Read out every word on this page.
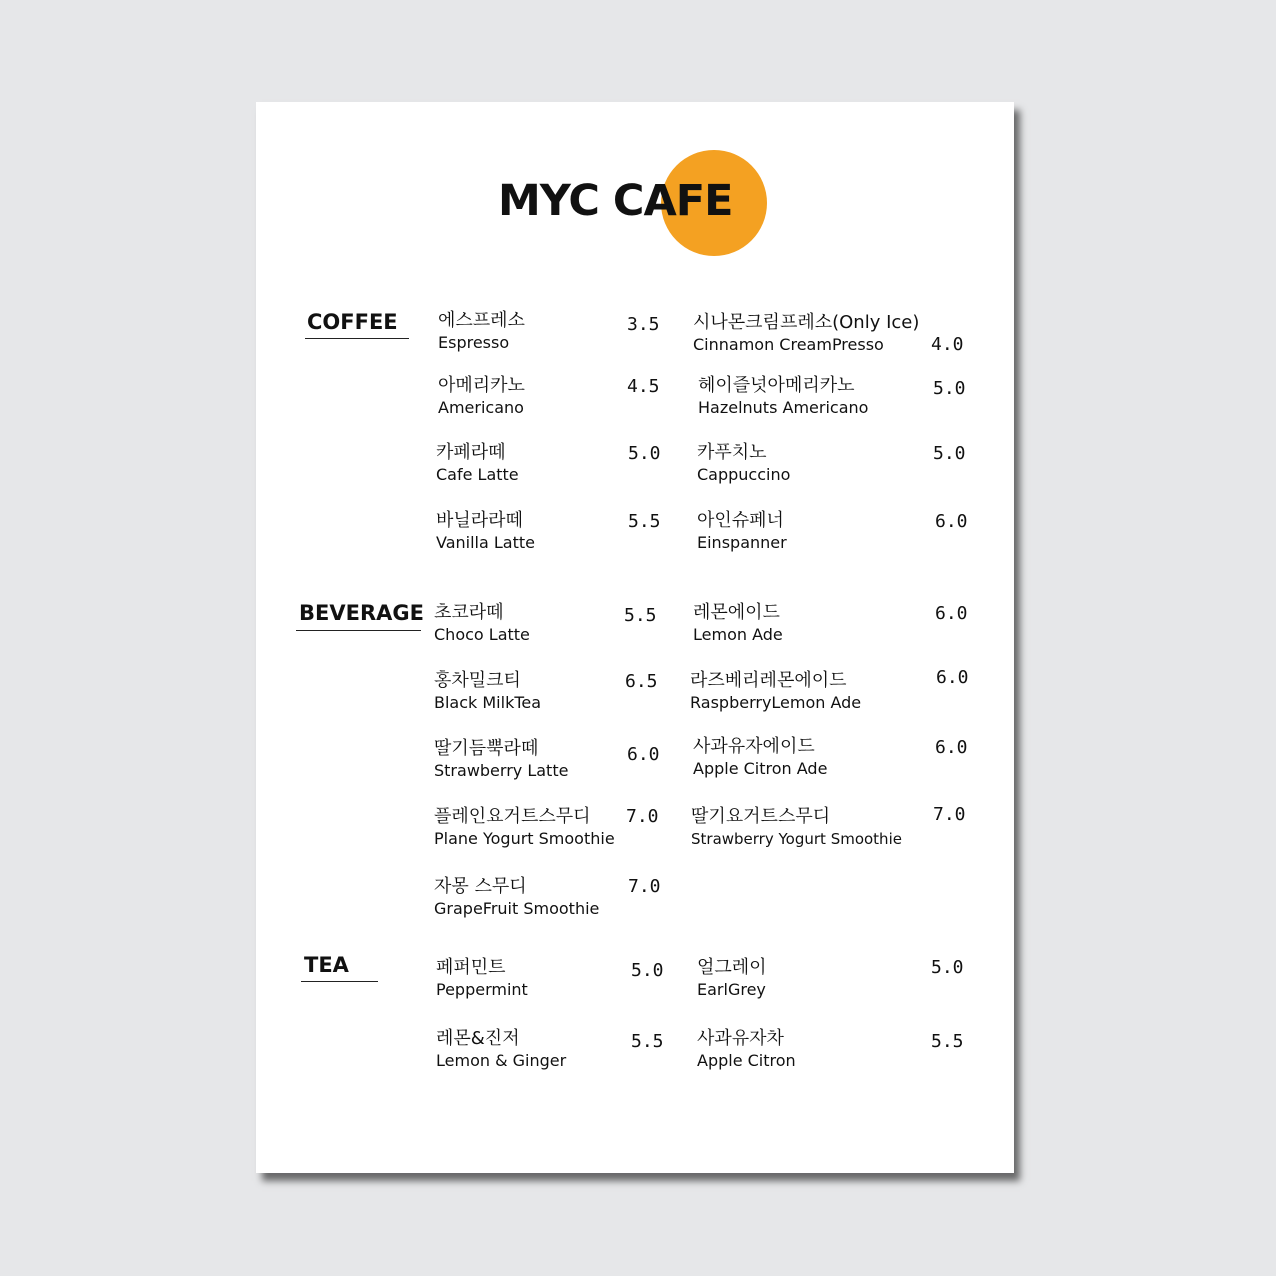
MYC CAFE
COFFEE
BEVERAGE
TEA
에스프레소
Espresso
3.5 시나몬크림프레소(Only Ice)
Cinnamon CreamPresso	4.0
아메리카노
Americano
4.5 헤이즐넛아메리카노
Hazelnuts Americano
5.0
카페라떼
Cafe Latte
5.0 카푸치노
Cappuccino
5.0
바닐라라떼
Vanilla Latte
5.5 아인슈페너
Einspanner
6.0
초코라떼
Choco Latte
5.5 레몬에이드
Lemon Ade
6.0
홍차밀크티
Black MilkTea
6.5 라즈베리레몬에이드
RaspberryLemon Ade
6.0
딸기듬뿍라떼
Strawberry Latte
6.0 사과유자에이드
Apple Citron Ade
6.0
플레인요거트스무디
Plane Yogurt Smoothie
7.0 딸기요거트스무디
Strawberry Yogurt Smoothie
7.0
자몽 스무디
GrapeFruit Smoothie
7.0
페퍼민트
Peppermint
5.0 얼그레이
EarlGrey
5.0
레몬&진저
Lemon & Ginger
5.5 사과유자차
Apple Citron
5.5
